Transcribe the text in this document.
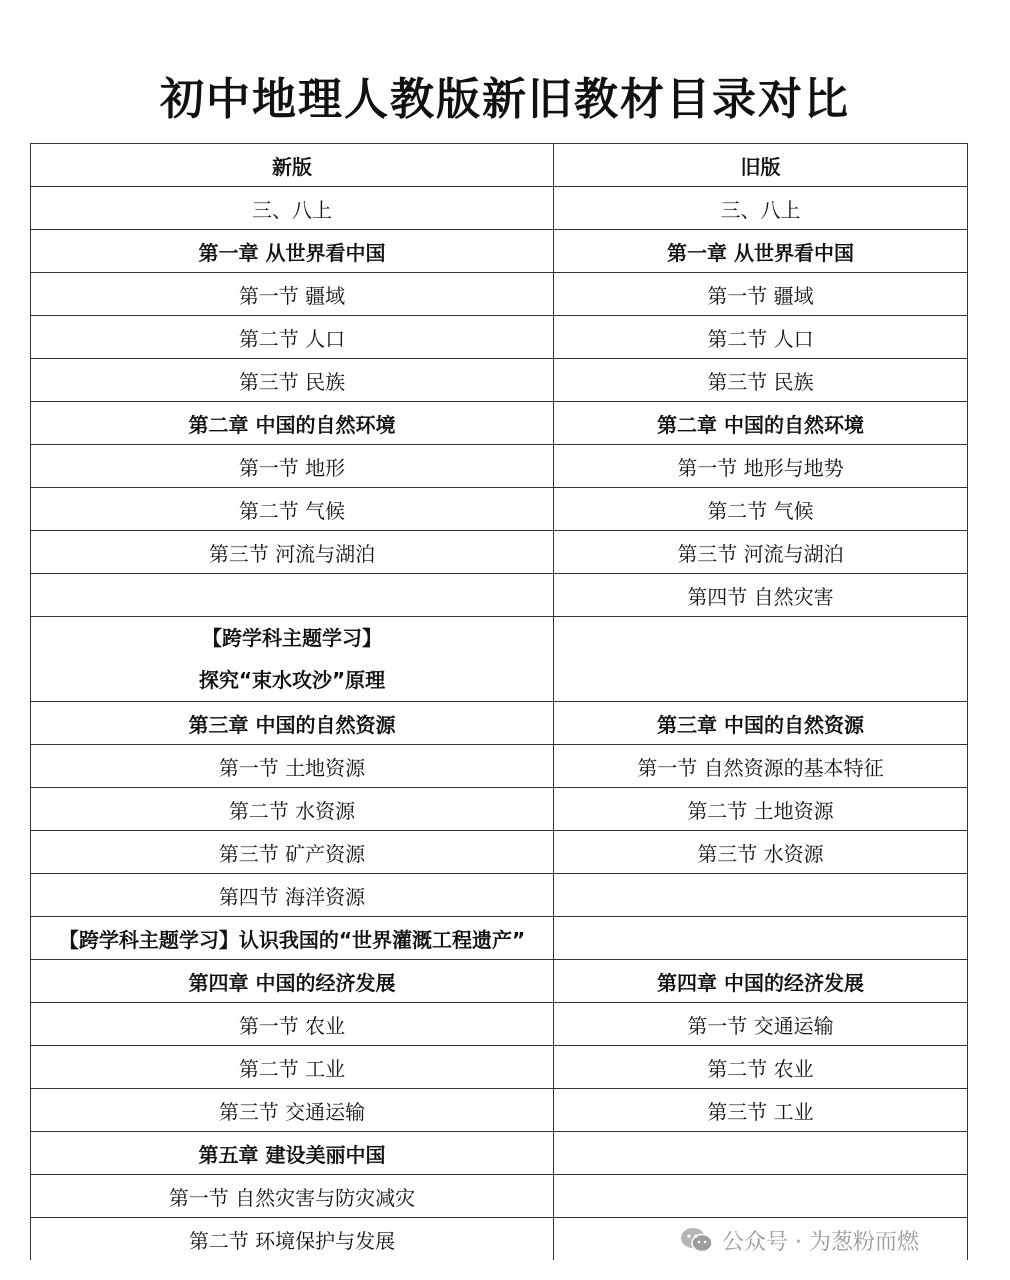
初中地理人教版新旧教材目录对比
新版	旧版
三、八上	三、八上
第一章 从世界看中国	第一章 从世界看中国
第一节 疆域	第一节 疆域
第二节 人口	第二节 人口
第三节 民族	第三节 民族
第二章 中国的自然环境	第二章 中国的自然环境
第一节 地形	第一节 地形与地势
第二节 气候	第二节 气候
第三节 河流与湖泊	第三节 河流与湖泊
	第四节 自然灾害

【跨学科主题学习】
探究“束水攻沙”原理	

第三章 中国的自然资源	第三章 中国的自然资源
第一节 土地资源	第一节 自然资源的基本特征
第二节 水资源	第二节 土地资源
第三节 矿产资源	第三节 水资源
第四节 海洋资源	
【跨学科主题学习】认识我国的“世界灌溉工程遗产”	
第四章 中国的经济发展	第四章 中国的经济发展
第一节 农业	第一节 交通运输
第二节 工业	第二节 农业
第三节 交通运输	第三节 工业
第五章 建设美丽中国	
第一节 自然灾害与防灾减灾	
第二节 环境保护与发展		公众号 · 为葱粉而燃
